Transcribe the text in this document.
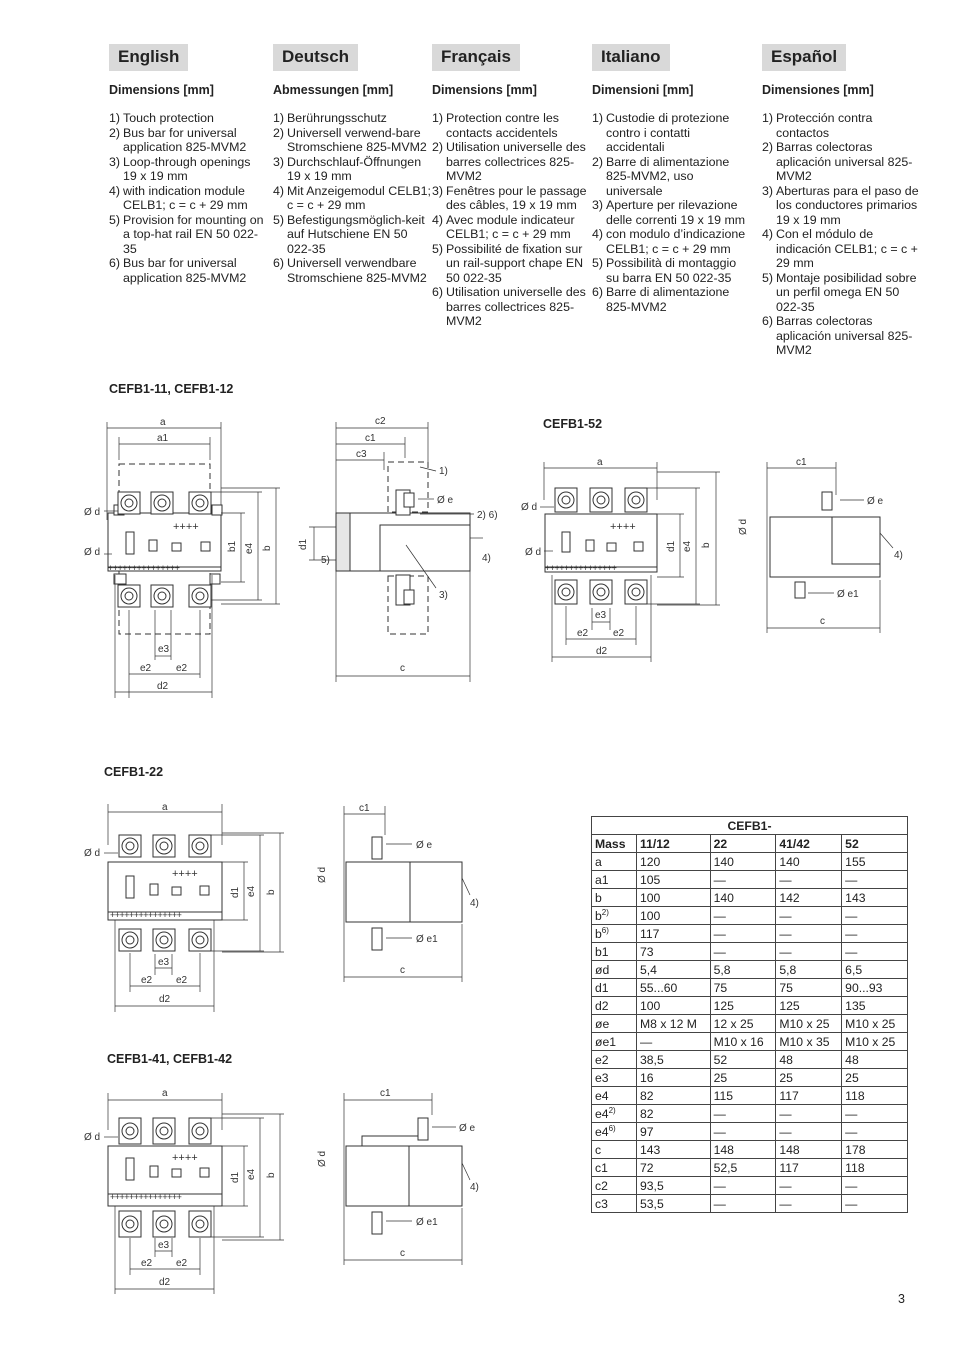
English
Dimensions [mm]
1) Touch protection
2) Bus bar for universal application 825-MVM2
3) Loop-through openings 19 x 19 mm
4) with indication module CELB1; c = c + 29 mm
5) Provision for mounting on a top-hat rail EN 50 022-35
6) Bus bar for universal application 825-MVM2
Deutsch
Abmessungen [mm]
1) Berührungsschutz
2) Universell verwend-bare Stromschiene 825-MVM2
3) Durchschlauf-Öffnungen 19 x 19 mm
4) Mit Anzeigemodul CELB1; c = c + 29 mm
5) Befestigungsmöglich-keit auf Hutschiene EN 50 022-35
6) Universell verwendbare Stromschiene 825-MVM2
Français
Dimensions [mm]
1) Protection contre les contacts accidentels
2) Utilisation universelle des barres collectrices 825-MVM2
3) Fenêtres pour le passage des câbles, 19 x 19 mm
4) Avec module indicateur CELB1; c = c + 29 mm
5) Possibilité de fixation sur un rail-support chape EN 50 022-35
6) Utilisation universelle des barres collectrices 825-MVM2
Italiano
Dimensioni [mm]
1) Custodie di protezione contro i contatti accidentali
2) Barre di alimentazione 825-MVM2, uso universale
3) Aperture per rilevazione delle correnti 19 x 19 mm
4) con modulo d’indicazione CELB1; c = c + 29 mm
5) Possibilità di montaggio su barra EN 50 022-35
6) Barre di alimentazione 825-MVM2
Español
Dimensiones [mm]
1) Protección contra contactos
2) Barras colectoras aplicación universal 825-MVM2
3) Aberturas para el paso de los conductores primarios 19 x 19 mm
4) Con el módulo de indicación CELB1; c = c + 29 mm
5) Montaje posibilidad sobre un perfil omega EN 50 022-35
6) Barras colectoras aplicación universal 825-MVM2
CEFB1-11, CEFB1-12
CEFB1-52
CEFB1-22
CEFB1-41, CEFB1-42
a
a1
++++
+++++++++++++++
Ø d
Ø d
b1 e4 b
e3
e2 e2
d2
c2
c1
c3
Ø e
1)
2) 6)
3)
4)
d1
5)
c
a
++++
+++++++++++++++
Ø d
Ø d
d1 e4 b
e3
e2 e2
d2
c1
Ø e
Ø e1
Ø d
4)
c
a
++++
+++++++++++++++
Ø d
d1 e4 b
e3
e2 e2
d2
c1
Ø e
Ø e1
Ø d
4)
c
a
++++
+++++++++++++++
Ø d
d1 e4 b
e3
e2 e2
d2
c1
Ø e
Ø e1
Ø d
4)
c
CEFB1-				
Mass	11/12	22	41/42	52
a	120	140	140	155
a1	105	—	—	—
b	100	140	142	143
$b^{2)}$	100	—	—	—
$b^{6)}$	117	—	—	—
b1	73	—	—	—
ød	5,4	5,8	5,8	6,5
d1	55...60	75	75	90...93
d2	100	125	125	135
øe	M8 x 12 M	12 x 25	M10 x 25	M10 x 25
øe1	—	M10 x 16	M10 x 35	M10 x 25
e2	38,5	52	48	48
e3	16	25	25	25
e4	82	115	117	118
e4$^{2)}$	82	—	—	—
e4$^{6)}$	97	—	—	—
c	143	148	148	178
c1	72	52,5	117	118
c2	93,5	—	—	—
c3	53,5	—	—	—
3
